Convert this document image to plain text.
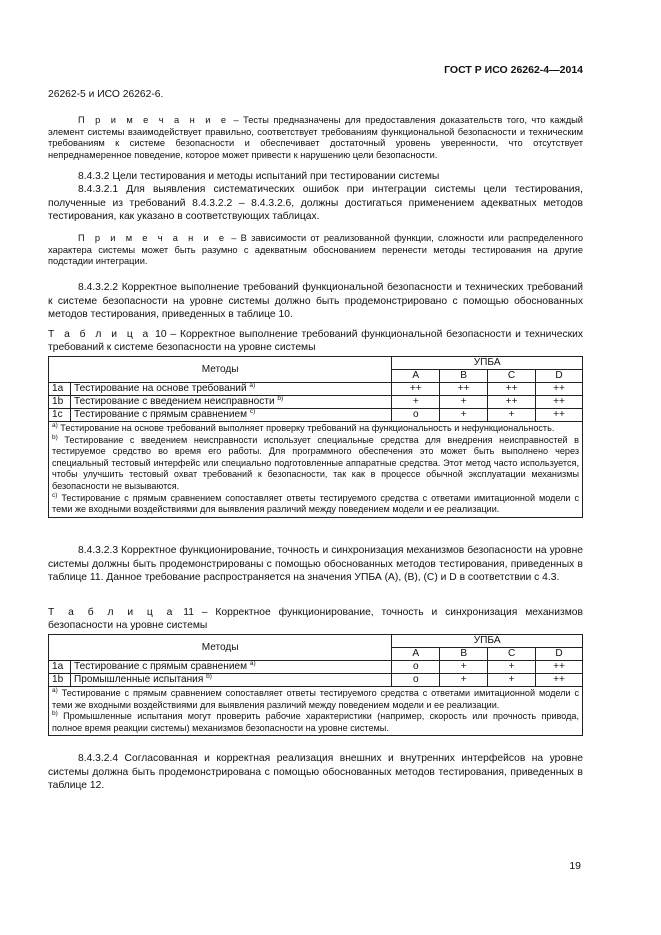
ГОСТ Р ИСО 26262-4—2014

26262-5 и ИСО 26262-6.

П р и м е ч а н и е – Тесты предназначены для предоставления доказательств того, что каждый элемент системы взаимодействует правильно, соответствует требованиям функциональной безопасности и техническим требованиям к системе безопасности и обеспечивает достаточный уровень уверенности, что отсутствует непреднамеренное поведение, которое может привести к нарушению цели безопасности.

8.4.3.2 Цели тестирования и методы испытаний при тестировании системы

8.4.3.2.1 Для выявления систематических ошибок при интеграции системы цели тестирования, полученные из требований 8.4.3.2.2 – 8.4.3.2.6, должны достигаться применением адекватных методов тестирования, как указано в соответствующих таблицах.

П р и м е ч а н и е – В зависимости от реализованной функции, сложности или распределенного характера системы может быть разумно с адекватным обоснованием перенести методы тестирования на другие подстадии интеграции.

8.4.3.2.2 Корректное выполнение требований функциональной безопасности и технических требований к системе безопасности на уровне системы должно быть продемонстрировано с помощью обоснованных методов тестирования, приведенных в таблице 10.

Т а б л и ц а 10 – Корректное выполнение требований функциональной безопасности и технических

требований к системе безопасности на уровне системы

Методы		УПБА			
		A	B	C	D
1a	Тестирование на основе требований $^{a)}$	++	++	++	++
1b	Тестирование с введением неисправности $^{b)}$	+	+	++	++
1c	Тестирование с прямым сравнением $^{c)}$	o	+	+	++

$^{a)}$ Тестирование на основе требований выполняет проверку требований на функциональность и нефункциональность.
$^{b)}$ Тестирование с введением неисправности использует специальные средства для внедрения неисправностей в тестируемое средство во время его работы. Для программного обеспечения это может быть выполнено через специальный тестовый интерфейс или специально подготовленные аппаратные средства. Этот метод часто используется, чтобы улучшить тестовый охват требований к безопасности, так как в процессе обычной эксплуатации механизмы безопасности не вызываются.
$^{c)}$ Тестирование с прямым сравнением сопоставляет ответы тестируемого средства с ответами имитационной модели с теми же входными воздействиями для выявления различий между поведением модели и ее реализации.					

8.4.3.2.3 Корректное функционирование, точность и синхронизация механизмов безопасности на уровне системы должны быть продемонстрированы с помощью обоснованных методов тестирования, приведенных в таблице 11. Данное требование распространяется на значения УПБА (A), (B), (C) и D в соответствии с 4.3.

Т а б л и ц а 11 – Корректное функционирование, точность и синхронизация механизмов

безопасности на уровне системы

Методы		УПБА			
		A	B	C	D
1a	Тестирование с прямым сравнением $^{a)}$	o	+	+	++
1b	Промышленные испытания $^{b)}$	o	+	+	++

$^{a)}$ Тестирование с прямым сравнением сопоставляет ответы тестируемого средства с ответами имитационной модели с теми же входными воздействиями для выявления различий между поведением модели и ее реализации.
$^{b)}$ Промышленные испытания могут проверить рабочие характеристики (например, скорость или прочность привода, полное время реакции системы) механизмов безопасности на уровне системы.					

8.4.3.2.4 Согласованная и корректная реализация внешних и внутренних интерфейсов на уровне системы должна быть продемонстрирована с помощью обоснованных методов тестирования, приведенных в таблице 12.

19
